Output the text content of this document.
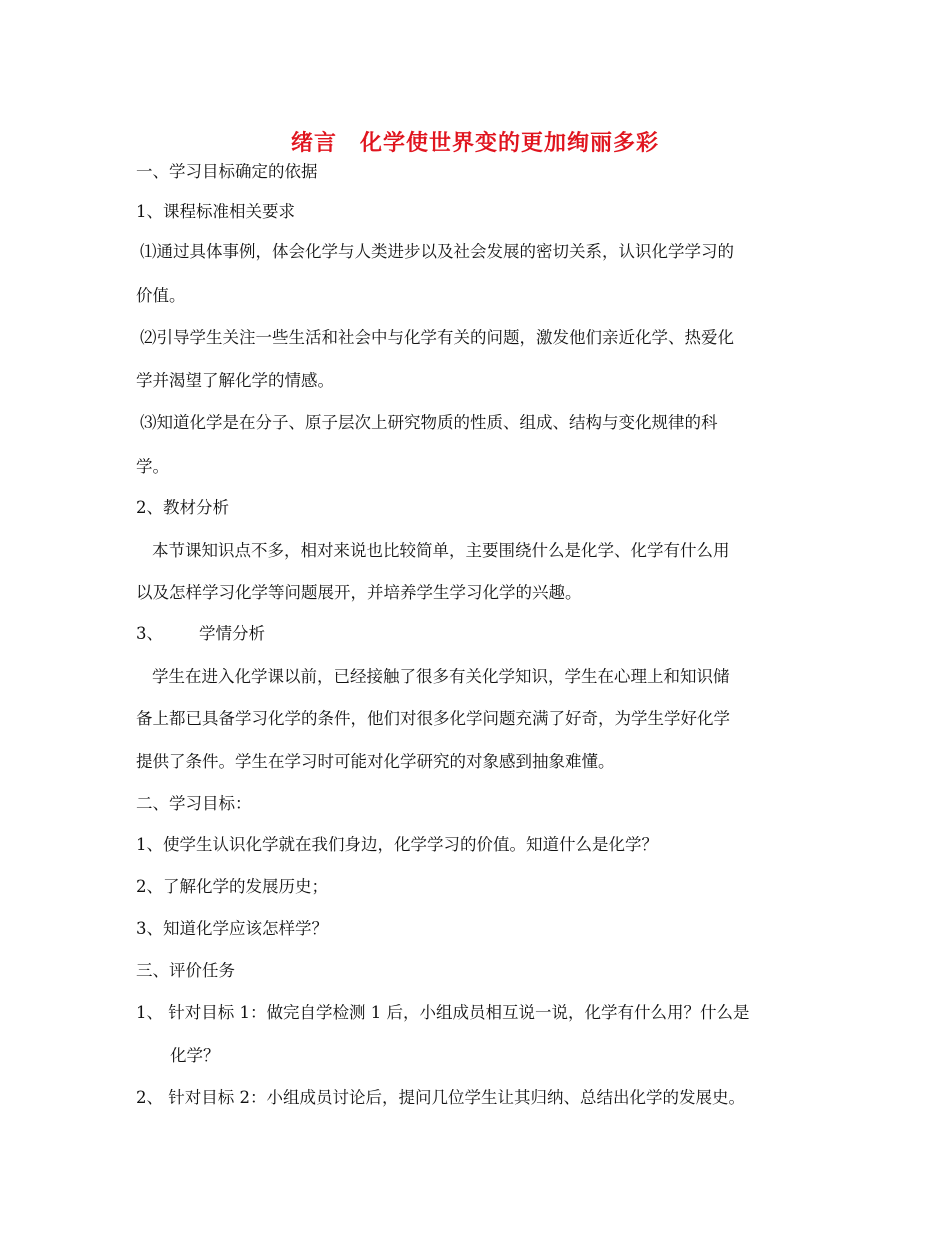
绪言　化学使世界变的更加绚丽多彩
一、学习目标确定的依据
1、课程标准相关要求
⑴通过具体事例，体会化学与人类进步以及社会发展的密切关系，认识化学学习的
价值。
⑵引导学生关注一些生活和社会中与化学有关的问题，激发他们亲近化学、热爱化
学并渴望了解化学的情感。
⑶知道化学是在分子、原子层次上研究物质的性质、组成、结构与变化规律的科
学。
2、教材分析
本节课知识点不多，相对来说也比较简单，主要围绕什么是化学、化学有什么用
以及怎样学习化学等问题展开，并培养学生学习化学的兴趣。
3、 学情分析
学生在进入化学课以前，已经接触了很多有关化学知识，学生在心理上和知识储
备上都已具备学习化学的条件，他们对很多化学问题充满了好奇，为学生学好化学
提供了条件。学生在学习时可能对化学研究的对象感到抽象难懂。
二、学习目标：
1、使学生认识化学就在我们身边，化学学习的价值。知道什么是化学？
2、了解化学的发展历史；
3、知道化学应该怎样学？
三、评价任务
1、 针对目标 1：做完自学检测 1 后，小组成员相互说一说，化学有什么用？什么是
化学？
2、 针对目标 2：小组成员讨论后，提问几位学生让其归纳、总结出化学的发展史。
